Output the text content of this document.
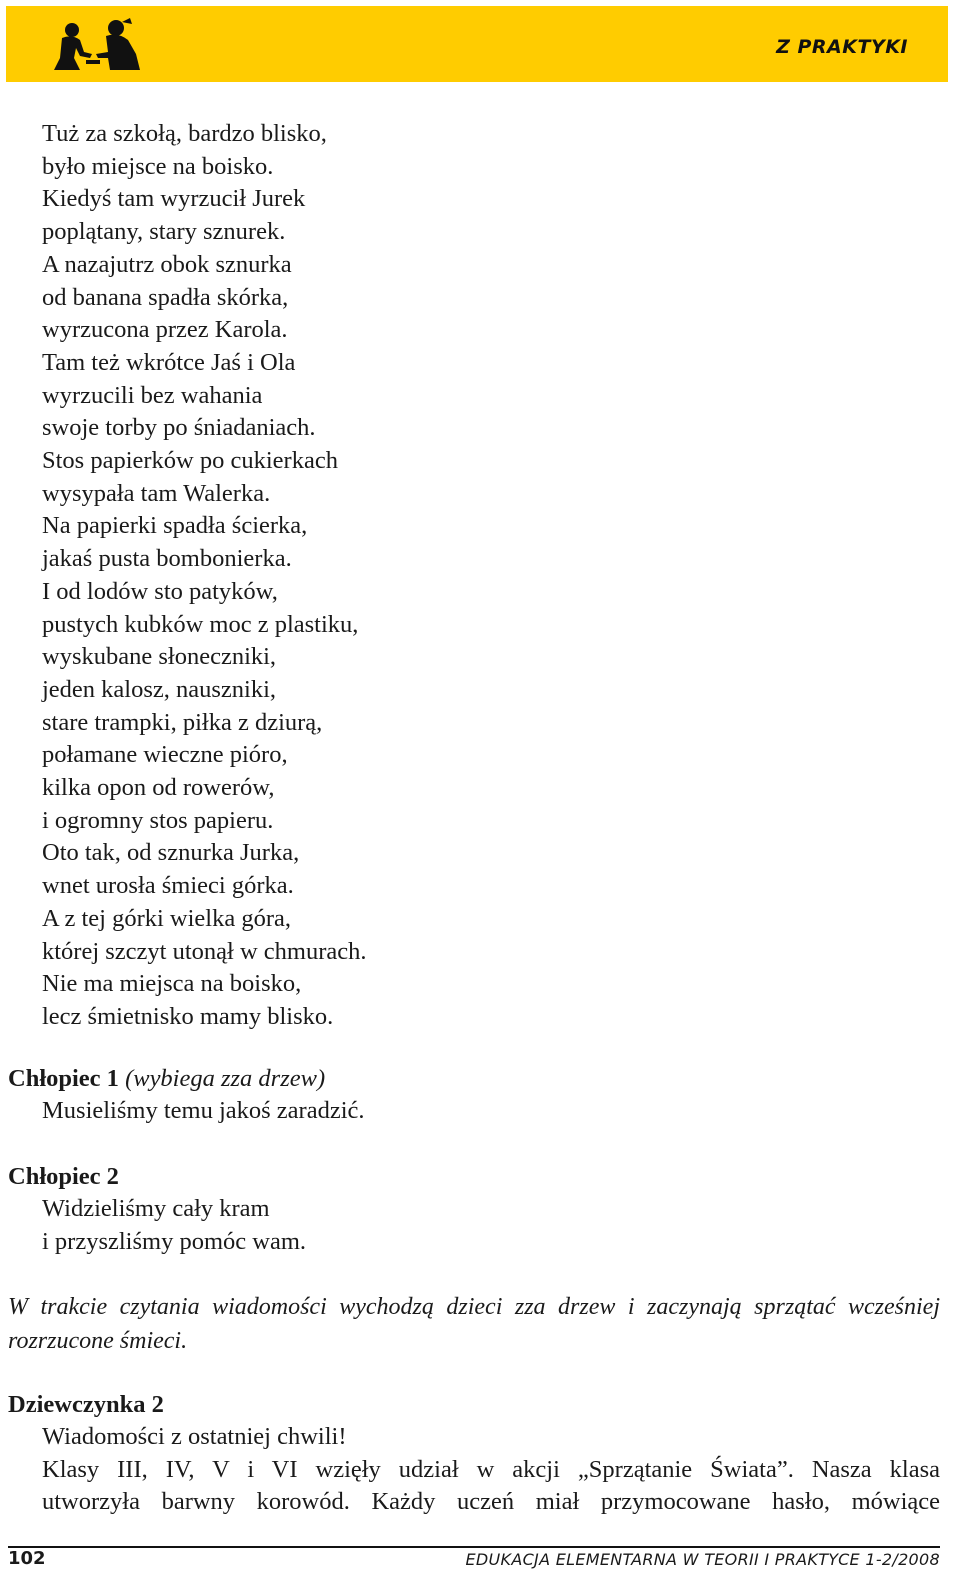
Z PRAKTYKI
Tuż za szkołą, bardzo blisko,
było miejsce na boisko.
Kiedyś tam wyrzucił Jurek
poplątany, stary sznurek.
A nazajutrz obok sznurka
od banana spadła skórka,
wyrzucona przez Karola.
Tam też wkrótce Jaś i Ola
wyrzucili bez wahania
swoje torby po śniadaniach.
Stos papierków po cukierkach
wysypała tam Walerka.
Na papierki spadła ścierka,
jakaś pusta bombonierka.
I od lodów sto patyków,
pustych kubków moc z plastiku,
wyskubane słoneczniki,
jeden kalosz, nauszniki,
stare trampki, piłka z dziurą,
połamane wieczne pióro,
kilka opon od rowerów,
i ogromny stos papieru.
Oto tak, od sznurka Jurka,
wnet urosła śmieci górka.
A z tej górki wielka góra,
której szczyt utonął w chmurach.
Nie ma miejsca na boisko,
lecz śmietnisko mamy blisko.
Chłopiec 1 (wybiega zza drzew)
Musieliśmy temu jakoś zaradzić.
Chłopiec 2
Widzieliśmy cały kram
i przyszliśmy pomóc wam.
W trakcie czytania wiadomości wychodzą dzieci zza drzew i zaczynają sprzątać wcześniej rozrzucone śmieci.
Dziewczynka 2
Wiadomości z ostatniej chwili!
Klasy III, IV, V i VI wzięły udział w akcji „Sprzątanie Świata”. Nasza klasa
utworzyła barwny korowód. Każdy uczeń miał przymocowane hasło, mówiące
102	EDUKACJA ELEMENTARNA W TEORII I PRAKTYCE 1-2/2008
